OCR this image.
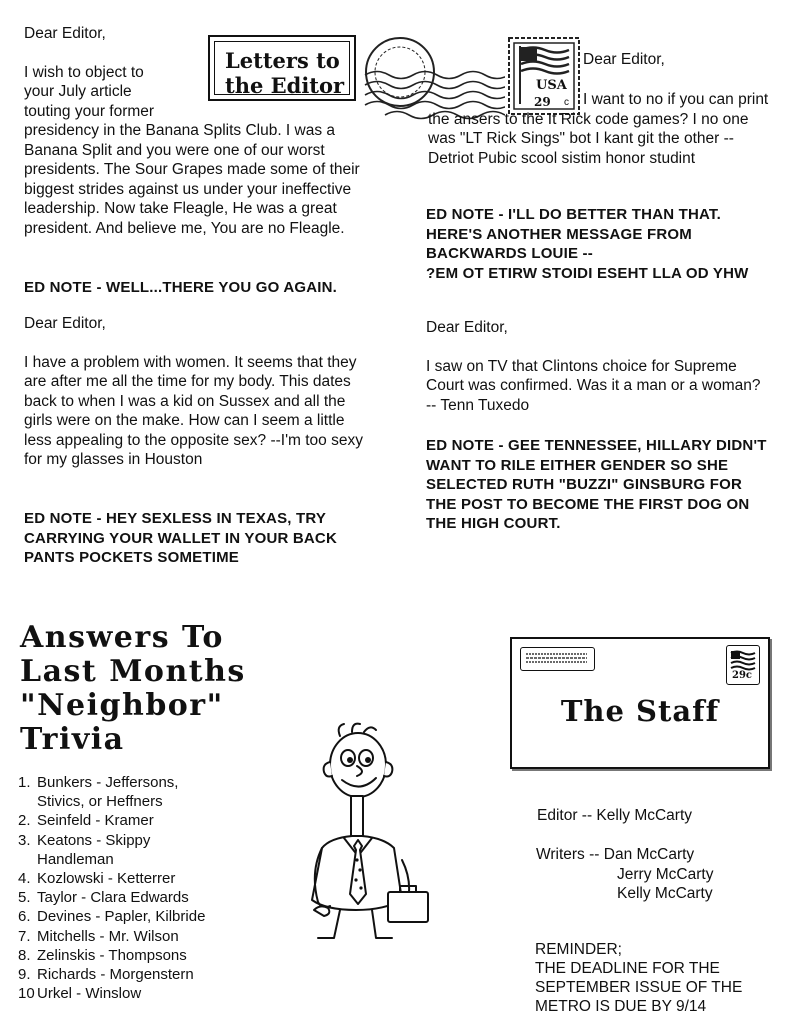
Letters to
the Editor	USA
29 c

Dear Editor,

I wish to object to your July article touting your former presidency in the Banana Splits Club. I was a Banana Split and you were one of our worst presidents. The Sour Grapes made some of their biggest strides against us under your ineffective leadership. Now take Fleagle, He was a great president. And believe me, You are no Fleagle.

ED NOTE - WELL...THERE YOU GO AGAIN.

Dear Editor,

I have a problem with women. It seems that they are after me all the time for my body. This dates back to when I was a kid on Sussex and all the girls were on the make. How can I seem a little less appealing to the opposite sex? --I'm too sexy for my glasses in Houston

ED NOTE - HEY SEXLESS IN TEXAS, TRY CARRYING YOUR WALLET IN YOUR BACK PANTS POCKETS SOMETIME
Dear Editor,

I want to no if you can print the ansers to the It Rick code games? I no one was "LT Rick Sings" bot I kant git the other -- Detriot Pubic scool sistim honor studint

ED NOTE - I'LL DO BETTER THAN THAT. HERE'S ANOTHER MESSAGE FROM BACKWARDS LOUIE --
?EM OT ETIRW STOIDI ESEHT LLA OD YHW

Dear Editor,

I saw on TV that Clintons choice for Supreme Court was confirmed. Was it a man or a woman? -- Tenn Tuxedo

ED NOTE - GEE TENNESSEE, HILLARY DIDN'T WANT TO RILE EITHER GENDER SO SHE SELECTED RUTH "BUZZI" GINSBURG FOR THE POST TO BECOME THE FIRST DOG ON THE HIGH COURT.
Answers To
Last Months
"Neighbor"
Trivia
1. Bunkers - Jeffersons,
Stivics, or Heffners
2. Seinfeld - Kramer
3. Keatons - Skippy
Handleman
4. Kozlowski - Ketterrer
5. Taylor - Clara Edwards
6. Devines - Papler, Kilbride
7. Mitchells - Mr. Wilson
8. Zelinskis - Thompsons
9. Richards - Morgenstern
10 Urkel - Winslow
29c
The Staff
Editor -- Kelly McCarty
Writers -- Dan McCarty
Jerry McCarty
Kelly McCarty
REMINDER;
THE DEADLINE FOR THE SEPTEMBER ISSUE OF THE METRO IS DUE BY 9/14
